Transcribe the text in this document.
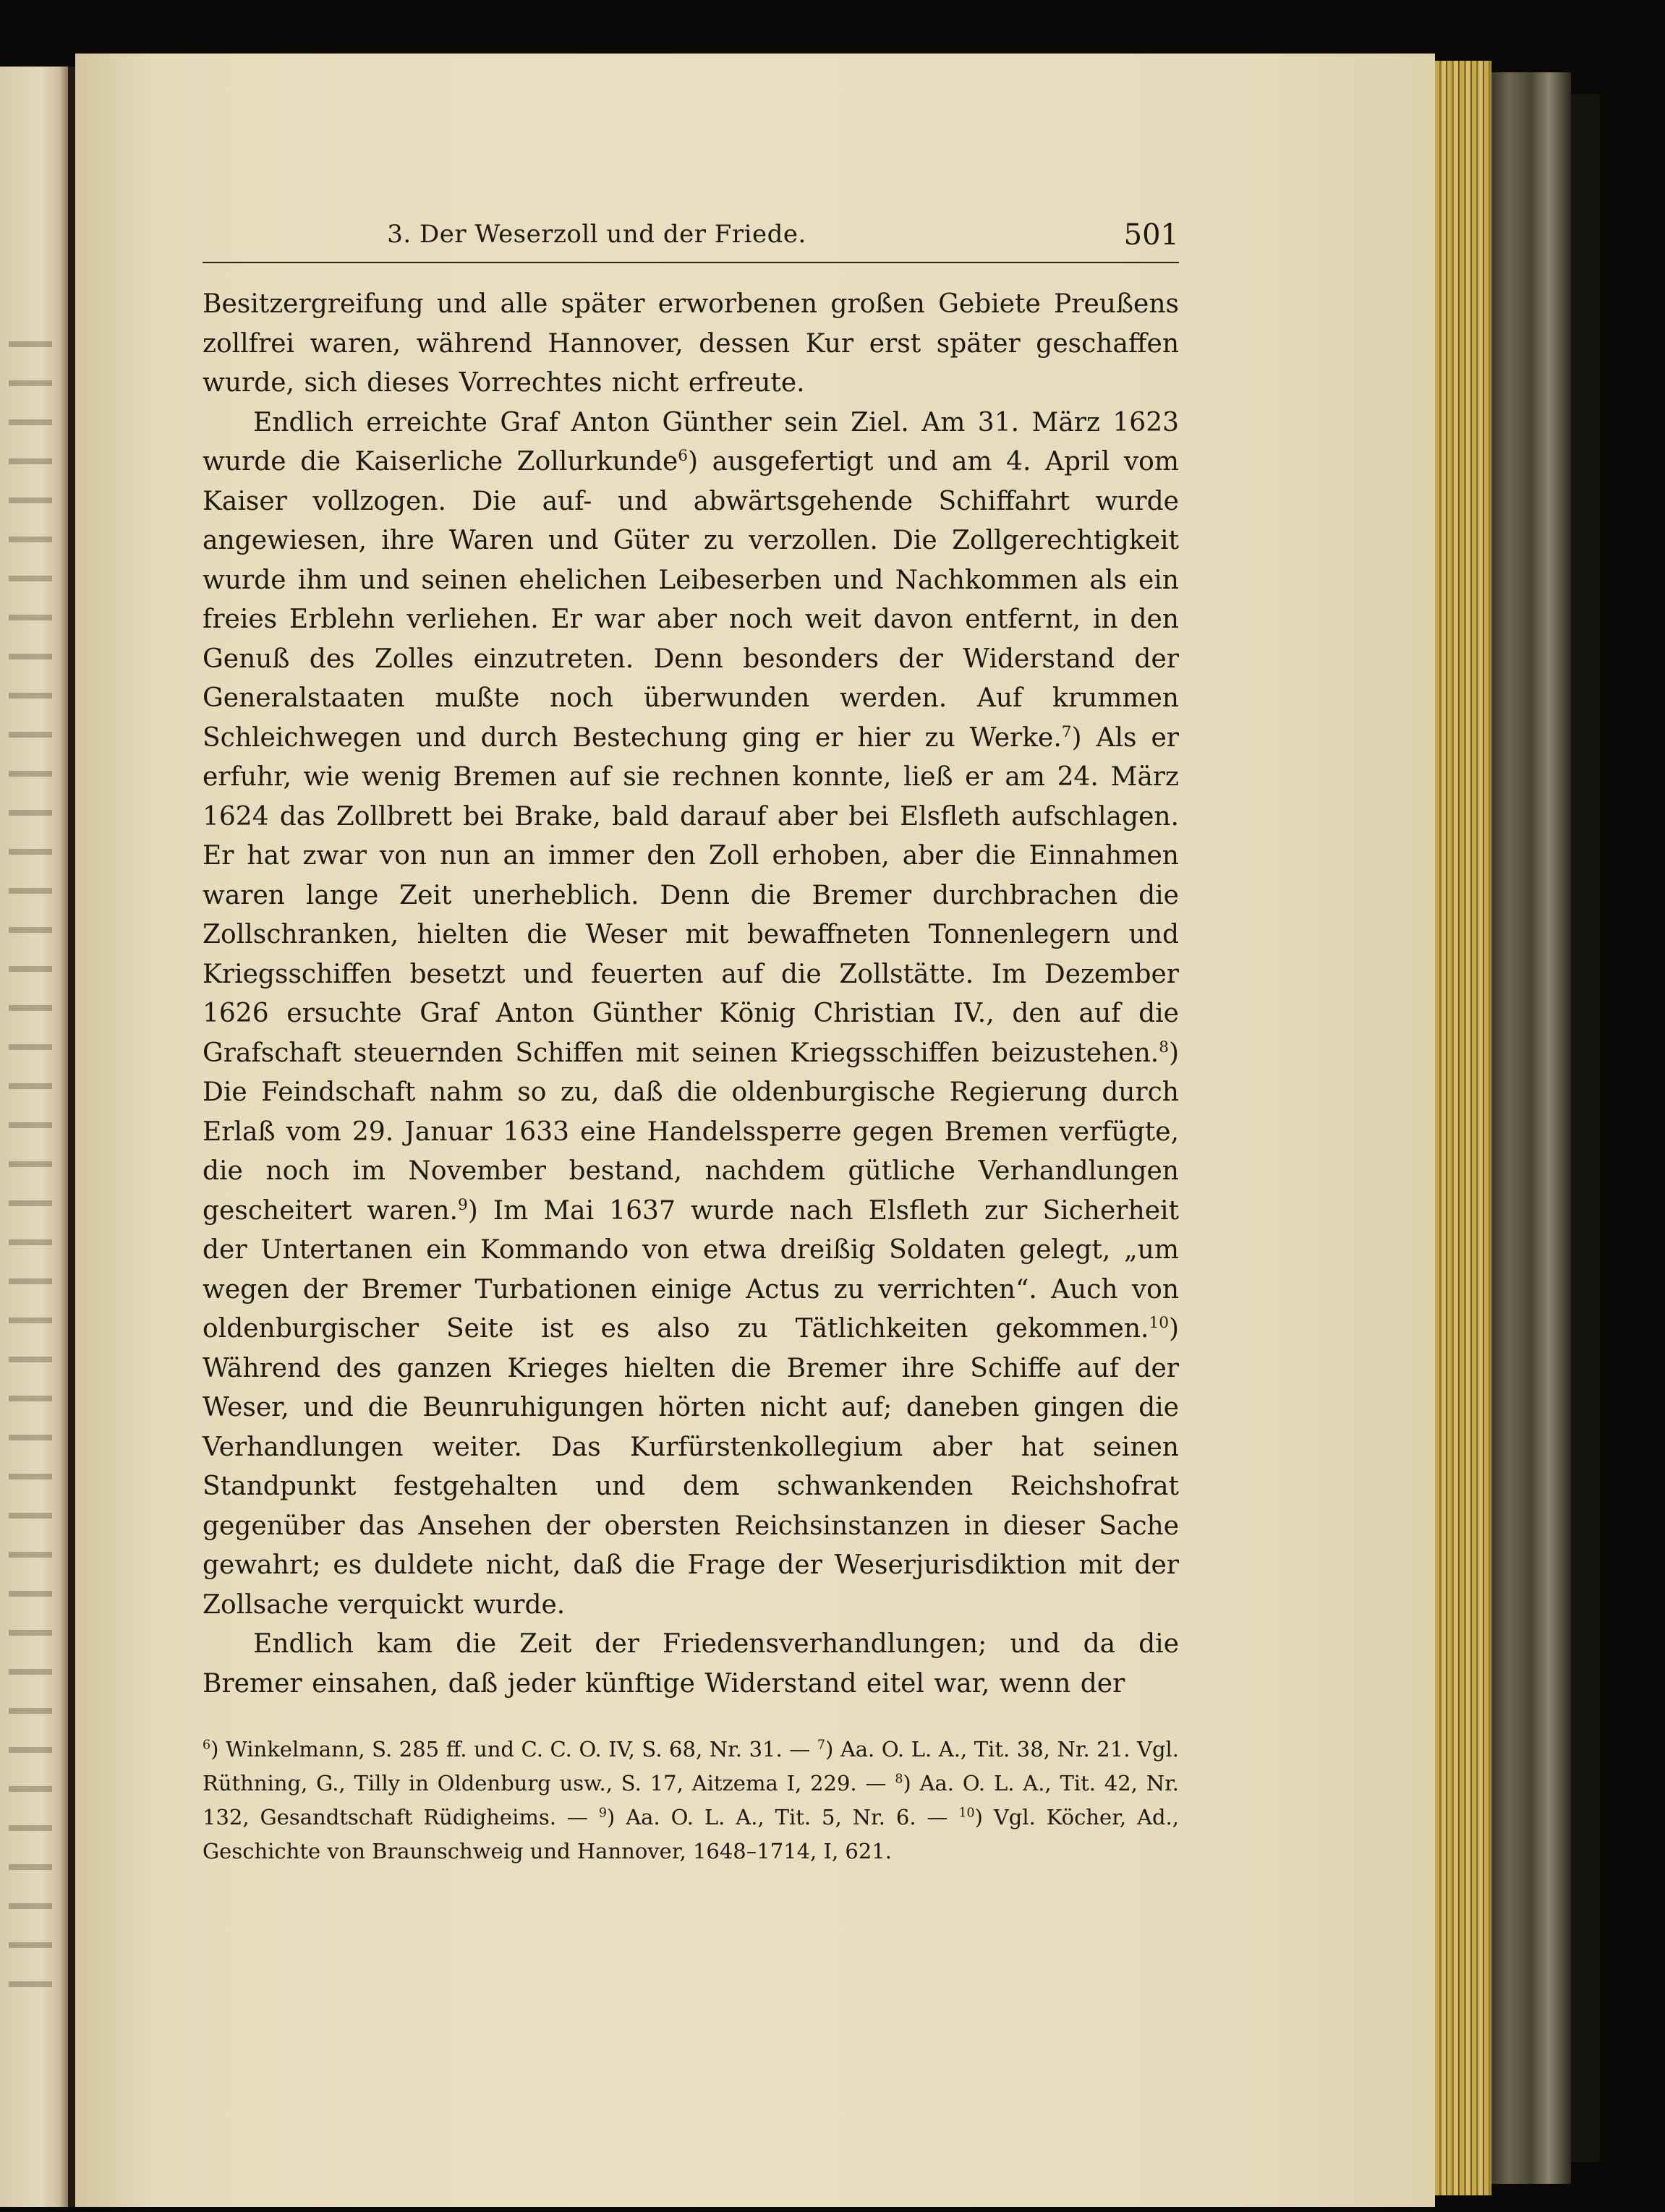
3. Der Weserzoll und der Friede.	501

Besitzergreifung und alle später erworbenen großen Gebiete Preußens zollfrei waren, während Hannover, dessen Kur erst später geschaffen wurde, sich dieses Vorrechtes nicht erfreute.

Endlich erreichte Graf Anton Günther sein Ziel. Am 31. März 1623 wurde die Kaiserliche Zollurkunde$^6$) ausgefertigt und am 4. April vom Kaiser vollzogen. Die auf- und abwärtsgehende Schiffahrt wurde angewiesen, ihre Waren und Güter zu verzollen. Die Zollgerechtigkeit wurde ihm und seinen ehelichen Leibeserben und Nachkommen als ein freies Erblehn verliehen. Er war aber noch weit davon entfernt, in den Genuß des Zolles einzutreten. Denn besonders der Widerstand der Generalstaaten mußte noch überwunden werden. Auf krummen Schleichwegen und durch Bestechung ging er hier zu Werke.$^7$) Als er erfuhr, wie wenig Bremen auf sie rechnen konnte, ließ er am 24. März 1624 das Zollbrett bei Brake, bald darauf aber bei Elsfleth aufschlagen. Er hat zwar von nun an immer den Zoll erhoben, aber die Einnahmen waren lange Zeit unerheblich. Denn die Bremer durchbrachen die Zollschranken, hielten die Weser mit bewaffneten Tonnenlegern und Kriegsschiffen besetzt und feuerten auf die Zollstätte. Im Dezember 1626 ersuchte Graf Anton Günther König Christian IV., den auf die Grafschaft steuernden Schiffen mit seinen Kriegsschiffen beizustehen.$^8$) Die Feindschaft nahm so zu, daß die oldenburgische Regierung durch Erlaß vom 29. Januar 1633 eine Handelssperre gegen Bremen verfügte, die noch im November bestand, nachdem gütliche Verhandlungen gescheitert waren.$^9$) Im Mai 1637 wurde nach Elsfleth zur Sicherheit der Untertanen ein Kommando von etwa dreißig Soldaten gelegt, „um wegen der Bremer Turbationen einige Actus zu verrichten“. Auch von oldenburgischer Seite ist es also zu Tätlichkeiten gekommen.$^{10}$) Während des ganzen Krieges hielten die Bremer ihre Schiffe auf der Weser, und die Beunruhigungen hörten nicht auf; daneben gingen die Verhandlungen weiter. Das Kurfürstenkollegium aber hat seinen Standpunkt festgehalten und dem schwankenden Reichshofrat gegenüber das Ansehen der obersten Reichsinstanzen in dieser Sache gewahrt; es duldete nicht, daß die Frage der Weserjurisdiktion mit der Zollsache verquickt wurde.

Endlich kam die Zeit der Friedensverhandlungen; und da die Bremer einsahen, daß jeder künftige Widerstand eitel war, wenn der

$^6$) Winkelmann, S. 285 ff. und C. C. O. IV, S. 68, Nr. 31. — $^7$) Aa. O. L. A., Tit. 38, Nr. 21. Vgl. Rüthning, G., Tilly in Oldenburg usw., S. 17, Aitzema I, 229. — $^8$) Aa. O. L. A., Tit. 42, Nr. 132, Gesandtschaft Rüdigheims. — $^9$) Aa. O. L. A., Tit. 5, Nr. 6. — $^{10}$) Vgl. Köcher, Ad., Geschichte von Braunschweig und Hannover, 1648–1714, I, 621.
